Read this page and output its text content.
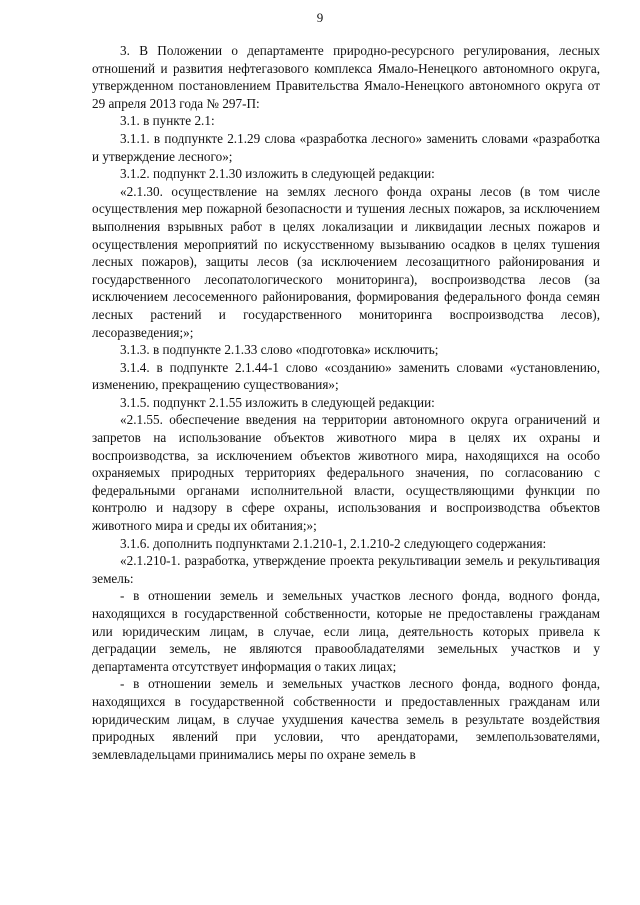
9

3. В Положении о департаменте природно-ресурсного регулирования, лесных отношений и развития нефтегазового комплекса Ямало-Ненецкого автономного округа, утвержденном постановлением Правительства Ямало-Ненецкого автономного округа от 29 апреля 2013 года № 297-П:

3.1. в пункте 2.1:

3.1.1. в подпункте 2.1.29 слова «разработка лесного» заменить словами «разработка и утверждение лесного»;

3.1.2. подпункт 2.1.30 изложить в следующей редакции:

«2.1.30. осуществление на землях лесного фонда охраны лесов (в том числе осуществления мер пожарной безопасности и тушения лесных пожаров, за исключением выполнения взрывных работ в целях локализации и ликвидации лесных пожаров и осуществления мероприятий по искусственному вызыванию осадков в целях тушения лесных пожаров), защиты лесов (за исключением лесозащитного районирования и государственного лесопатологического мониторинга), воспроизводства лесов (за исключением лесосеменного районирования, формирования федерального фонда семян лесных растений и государственного мониторинга воспроизводства лесов), лесоразведения;»;

3.1.3. в подпункте 2.1.33 слово «подготовка» исключить;

3.1.4. в подпункте 2.1.44-1 слово «созданию» заменить словами «установлению, изменению, прекращению существования»;

3.1.5. подпункт 2.1.55 изложить в следующей редакции:

«2.1.55. обеспечение введения на территории автономного округа ограничений и запретов на использование объектов животного мира в целях их охраны и воспроизводства, за исключением объектов животного мира, находящихся на особо охраняемых природных территориях федерального значения, по согласованию с федеральными органами исполнительной власти, осуществляющими функции по контролю и надзору в сфере охраны, использования и воспроизводства объектов животного мира и среды их обитания;»;

3.1.6. дополнить подпунктами 2.1.210-1, 2.1.210-2 следующего содержания:

«2.1.210-1. разработка, утверждение проекта рекультивации земель и рекультивация земель:

- в отношении земель и земельных участков лесного фонда, водного фонда, находящихся в государственной собственности, которые не предоставлены гражданам или юридическим лицам, в случае, если лица, деятельность которых привела к деградации земель, не являются правообладателями земельных участков и у департамента отсутствует информация о таких лицах;

- в отношении земель и земельных участков лесного фонда, водного фонда, находящихся в государственной собственности и предоставленных гражданам или юридическим лицам, в случае ухудшения качества земель в результате воздействия природных явлений при условии, что арендаторами, землепользователями, землевладельцами принимались меры по охране земель в
